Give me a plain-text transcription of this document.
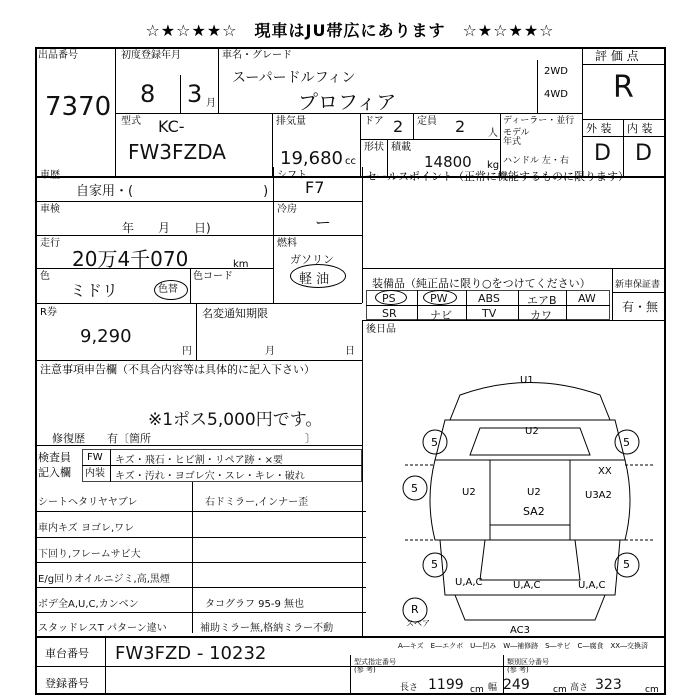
☆★☆★★☆　現車はJU帯広にあります　☆★☆★★☆
出品番号
7370
初度登録年月
8 3 月
車名・グレード
スーパードルフィン
プロフィア
2WD
4WD
評 価 点
R
型式 KC-
FW3FZDA
排気量
19,680 cc
ドア 2 定員 2 人
ディーラー・並行
モデル
年式
ハンドル 左・右
形状 積載
14800 kg
外 装 内 装
D D
車歴
自家用・(　　　　　　　　　　)
シフト
F7
車検
年　　月　　日)
冷房
ー
走行
20万4千070	km
燃料
ガソリン
軽 油
色
ミドリ	色替
色コード
セールスポイント（正常に機能するものに限ります）
装備品（純正品に限り○をつけてください）	新車保証書
有・無
PS	PW	ABS エアB AW
SR	ナビ	TV	カワ
後日品
R券
9,290
円
名変通知期限
月	日
注意事項申告欄（不具合内容等は具体的に記入下さい）
※1ポス5,000円です。
修復歴　　有〔箇所　　　　　　　　　　　　　　〕
検査員
記入欄
FW キズ・飛石・ヒビ割・リペア跡・×要
内装 キズ・汚れ・ヨゴレ穴・スレ・キレ・破れ
シートヘタリヤヤブレ	右ドミラー,インナー歪
車内キズ ヨゴレ,ワレ
下回り,フレームサビ大
E/g回りオイルニジミ,高,黒煙
ボデ全A,U,C,カンベン	タコグラフ 95-9 無也
スタッドレスT パターン違い	補助ミラー無,格納ミラー不動
U1
U2
U2
U2
SA2
U3A2
XX
U,A,C	U,A,C	U,A,C
AC3
5	5
5
5	5
R
スペア
A―キズ　E―エクボ　U―凹み　W―補修跡　S―サビ　C―腐食　XX―交換済
車台番号 FW3FZD - 10232
登録番号
型式指定番号
(参 考)
類別区分番号
(参 考)
長さ 1199 cm 幅 249	cm 高さ 323	cm
